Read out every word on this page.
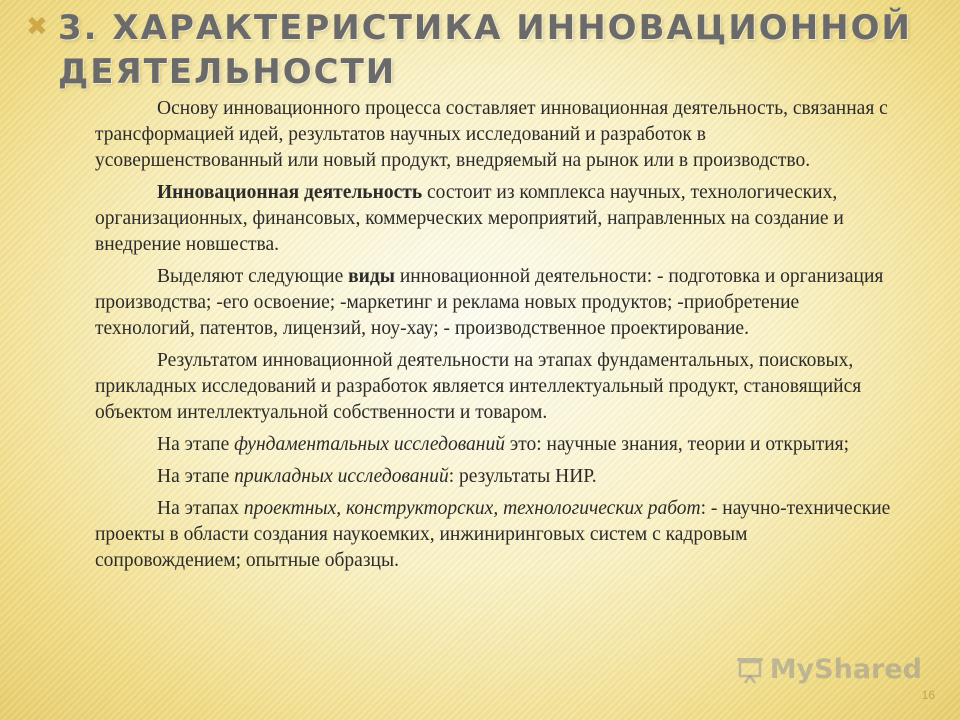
✖ 3. ХАРАКТЕРИСТИКА ИННОВАЦИОННОЙ ДЕЯТЕЛЬНОСТИ

Основу инновационного процесса составляет инновационная деятельность, связанная с трансформацией идей, результатов научных исследований и разработок в усовершенствованный или новый продукт, внедряемый на рынок или в производство.

Инновационная деятельность состоит из комплекса научных, технологических, организационных, финансовых, коммерческих мероприятий, направленных на создание и внедрение новшества.

Выделяют следующие виды инновационной деятельности: - подготовка и организация производства; -его освоение; -маркетинг и реклама новых продуктов; -приобретение технологий, патентов, лицензий, ноу-хау; - производственное проектирование.

Результатом инновационной деятельности на этапах фундаментальных, поисковых, прикладных исследований и разработок является интеллектуальный продукт, становящийся объектом интеллектуальной собственности и товаром.

На этапе фундаментальных исследований это: научные знания, теории и открытия;

На этапе прикладных исследований: результаты НИР.

На этапах проектных, конструкторских, технологических работ: - научно-технические проекты в области создания наукоемких, инжиниринговых систем с кадровым сопровождением; опытные образцы.

MyShared
16
